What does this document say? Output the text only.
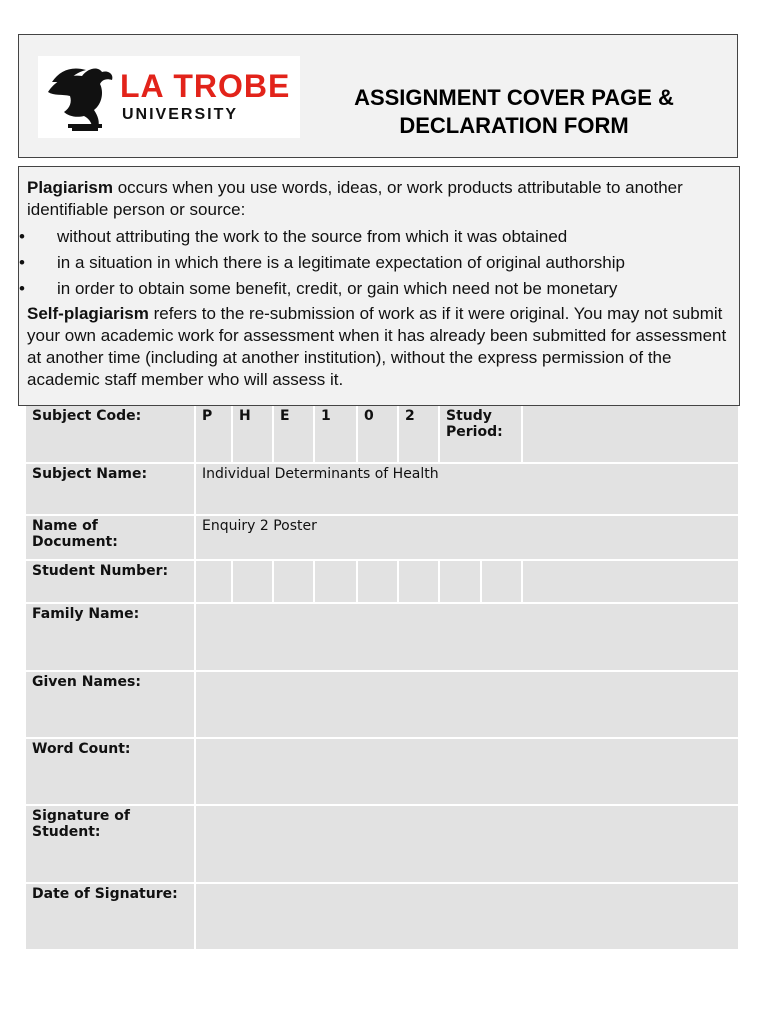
LA TROBE
UNIVERSITY
ASSIGNMENT COVER PAGE &
DECLARATION FORM

Plagiarism occurs when you use words, ideas, or work products attributable to another identifiable person or source:

• without attributing the work to the source from which it was obtained
• in a situation in which there is a legitimate expectation of original authorship
• in order to obtain some benefit, credit, or gain which need not be monetary

Self-plagiarism refers to the re-submission of work as if it were original. You may not submit your own academic work for assessment when it has already been submitted for assessment at another time (including at another institution), without the express permission of the academic staff member who will assess it.

Subject Code:	P	H	E	1	0	2	Study Period:		
Subject Name:	Individual Determinants of Health								
Name of Document:	Enquiry 2 Poster								
Student Number:									
Family Name:									
Given Names:									
Word Count:									
Signature of Student:									
Date of Signature:									
